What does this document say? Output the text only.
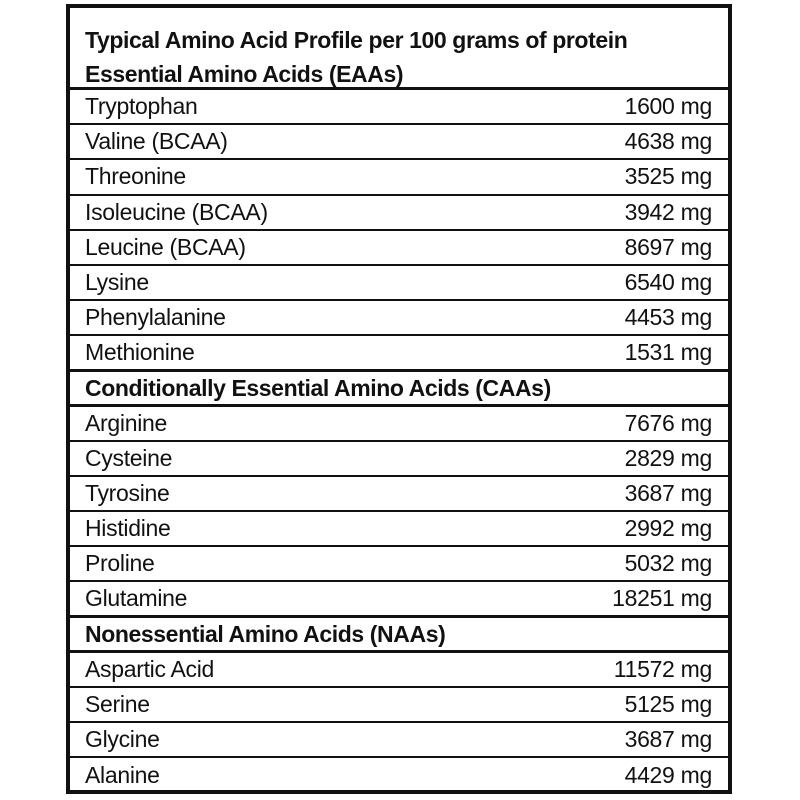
Typical Amino Acid Profile per 100 grams of protein
Essential Amino Acids (EAAs)
Tryptophan	1600 mg
Valine (BCAA)	4638 mg
Threonine	3525 mg
Isoleucine (BCAA)	3942 mg
Leucine (BCAA)	8697 mg
Lysine	6540 mg
Phenylalanine	4453 mg
Methionine	1531 mg
Conditionally Essential Amino Acids (CAAs)
Arginine	7676 mg
Cysteine	2829 mg
Tyrosine	3687 mg
Histidine	2992 mg
Proline	5032 mg
Glutamine	18251 mg
Nonessential Amino Acids (NAAs)
Aspartic Acid	11572 mg
Serine	5125 mg
Glycine	3687 mg
Alanine	4429 mg
